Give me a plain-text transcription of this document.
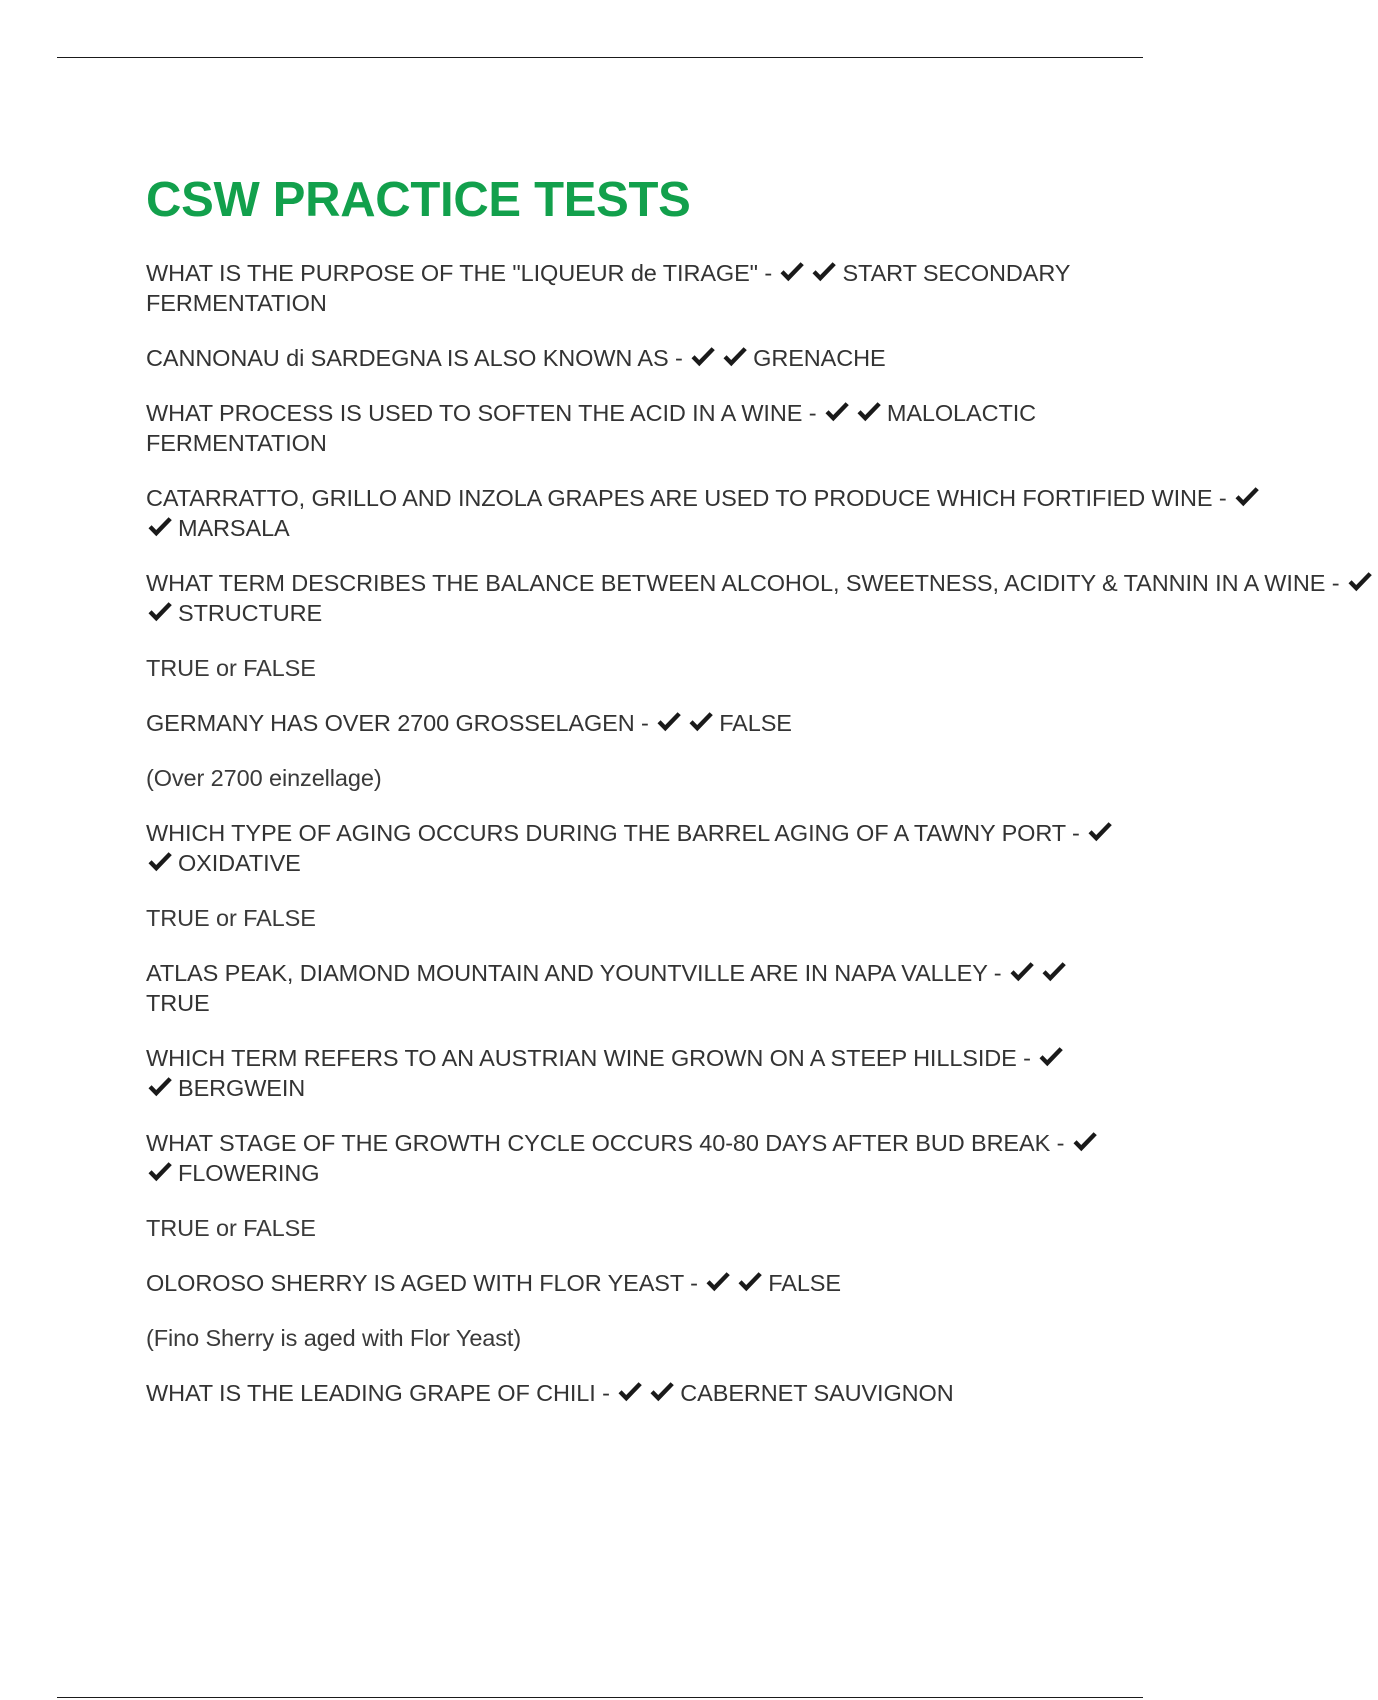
CSW PRACTICE TESTS
WHAT IS THE PURPOSE OF THE "LIQUEUR de TIRAGE" -	START SECONDARY FERMENTATION
CANNONAU di SARDEGNA IS ALSO KNOWN AS -	GRENACHE
WHAT PROCESS IS USED TO SOFTEN THE ACID IN A WINE -	MALOLACTIC FERMENTATION
CATARRATTO, GRILLO AND INZOLA GRAPES ARE USED TO PRODUCE WHICH FORTIFIED WINE -
MARSALA
WHAT TERM DESCRIBES THE BALANCE BETWEEN ALCOHOL, SWEETNESS, ACIDITY & TANNIN IN A WINE -
STRUCTURE
TRUE or FALSE
GERMANY HAS OVER 2700 GROSSELAGEN -	FALSE
(Over 2700 einzellage)
WHICH TYPE OF AGING OCCURS DURING THE BARREL AGING OF A TAWNY PORT -
OXIDATIVE
TRUE or FALSE
ATLAS PEAK, DIAMOND MOUNTAIN AND YOUNTVILLE ARE IN NAPA VALLEY -
TRUE
WHICH TERM REFERS TO AN AUSTRIAN WINE GROWN ON A STEEP HILLSIDE -
BERGWEIN
WHAT STAGE OF THE GROWTH CYCLE OCCURS 40-80 DAYS AFTER BUD BREAK -
FLOWERING
TRUE or FALSE
OLOROSO SHERRY IS AGED WITH FLOR YEAST -	FALSE
(Fino Sherry is aged with Flor Yeast)
WHAT IS THE LEADING GRAPE OF CHILI -	CABERNET SAUVIGNON
